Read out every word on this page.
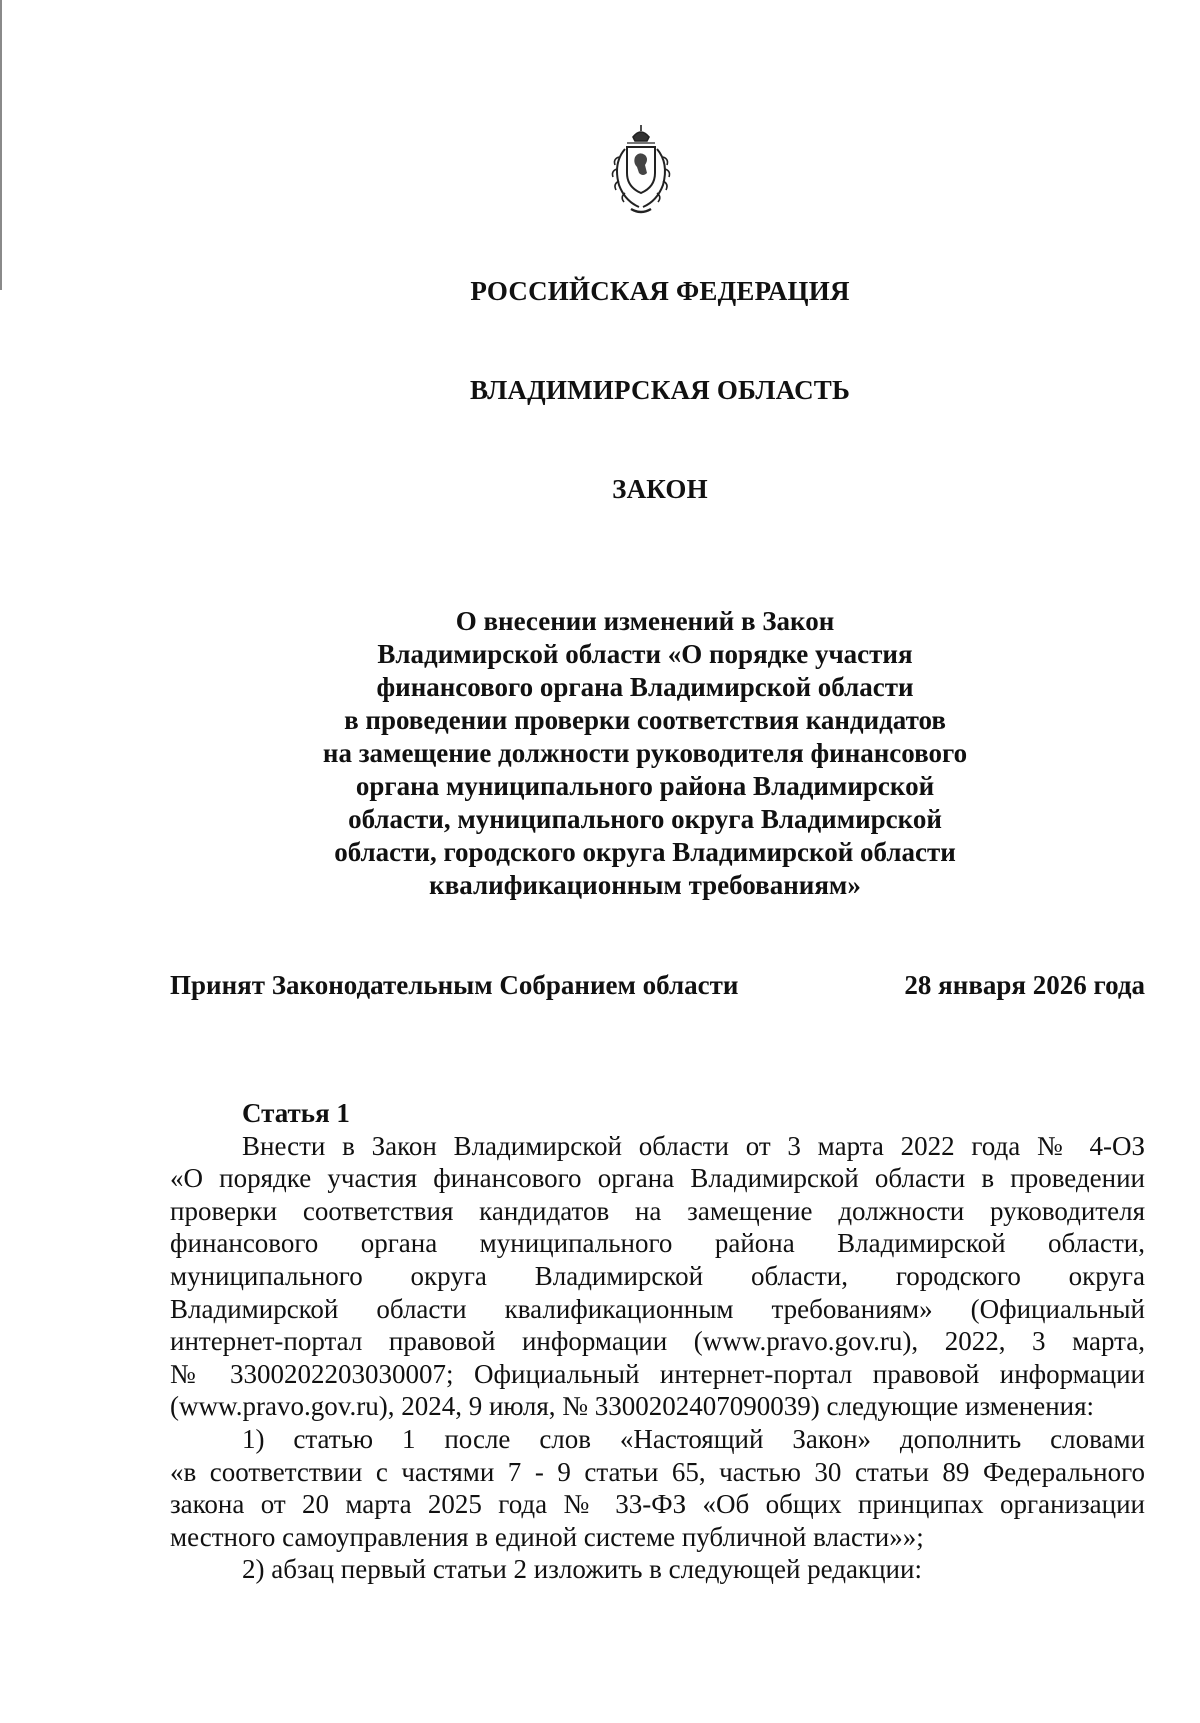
РОССИЙСКАЯ ФЕДЕРАЦИЯ
ВЛАДИМИРСКАЯ ОБЛАСТЬ
ЗАКОН
О внесении изменений в Закон
Владимирской области «О порядке участия
финансового органа Владимирской области
в проведении проверки соответствия кандидатов
на замещение должности руководителя финансового
органа муниципального района Владимирской
области, муниципального округа Владимирской
области, городского округа Владимирской области
квалификационным требованиям»
Принят Законодательным Собранием области	28 января 2026 года
Статья 1
Внести в Закон Владимирской области от 3 марта 2022 года № 4-ОЗ
«О порядке участия финансового органа Владимирской области в проведении
проверки соответствия кандидатов на замещение должности руководителя
финансового органа муниципального района Владимирской области,
муниципального округа Владимирской области, городского округа
Владимирской области квалификационным требованиям» (Официальный
интернет-портал правовой информации (www.pravo.gov.ru), 2022, 3 марта,
№ 3300202203030007; Официальный интернет-портал правовой информации
(www.pravo.gov.ru), 2024, 9 июля, № 3300202407090039) следующие изменения:
1) статью 1 после слов «Настоящий Закон» дополнить словами
«в соответствии с частями 7 - 9 статьи 65, частью 30 статьи 89 Федерального
закона от 20 марта 2025 года № 33-ФЗ «Об общих принципах организации
местного самоуправления в единой системе публичной власти»»;
2) абзац первый статьи 2 изложить в следующей редакции:
